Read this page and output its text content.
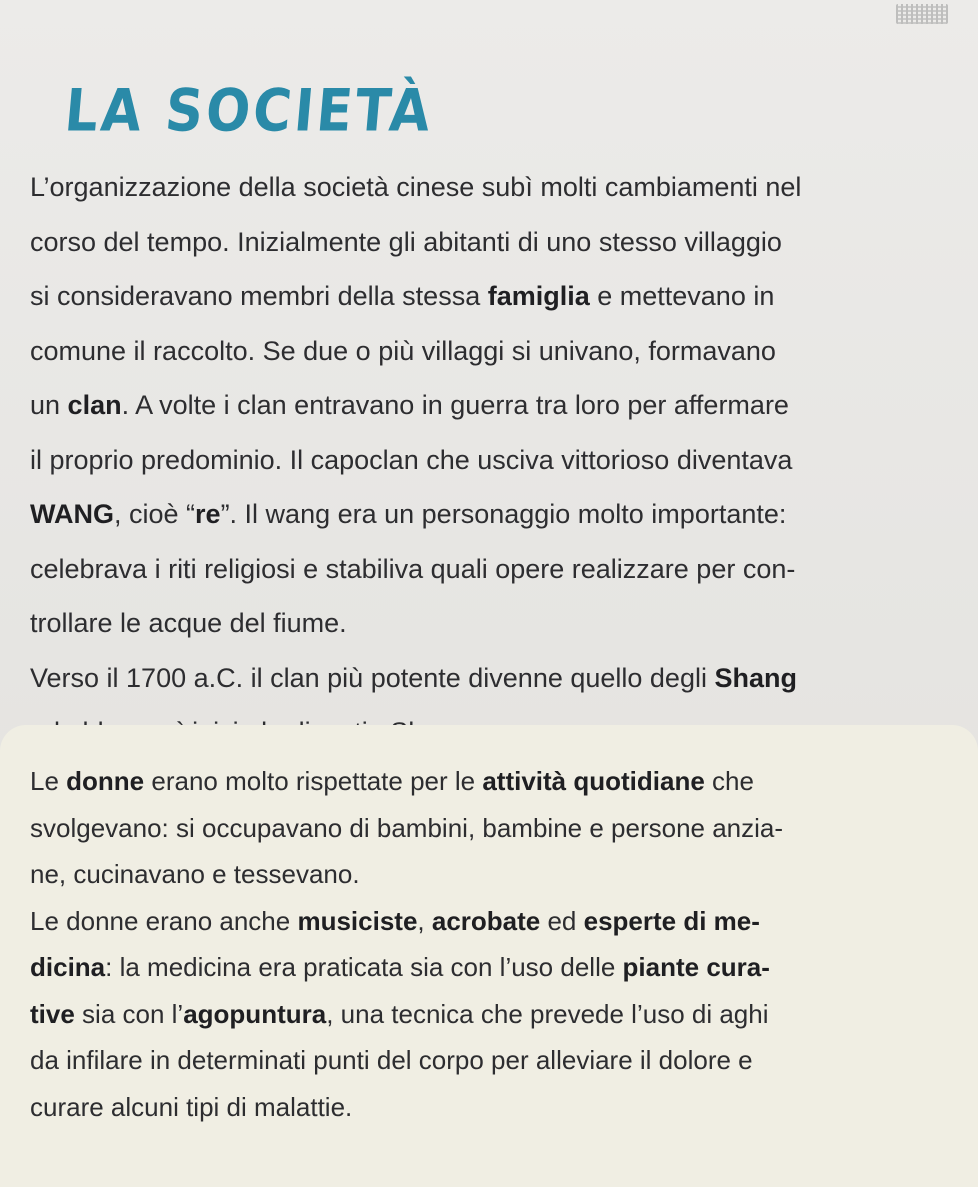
LA SOCIETÀ
L’organizzazione della società cinese subì molti cambiamenti nel
corso del tempo. Inizialmente gli abitanti di uno stesso villaggio
si consideravano membri della stessa famiglia e mettevano in
comune il raccolto. Se due o più villaggi si univano, formavano
un clan. A volte i clan entravano in guerra tra loro per affermare
il proprio predominio. Il capoclan che usciva vittorioso diventava
WANG, cioè “re”. Il wang era un personaggio molto importante:
celebrava i riti religiosi e stabiliva quali opere realizzare per con-
trollare le acque del fiume.
Verso il 1700 a.C. il clan più potente divenne quello degli Shang
Le donne erano molto rispettate per le attività quotidiane che
svolgevano: si occupavano di bambini, bambine e persone anzia-
ne, cucinavano e tessevano.
Le donne erano anche musiciste, acrobate ed esperte di me-
dicina: la medicina era praticata sia con l’uso delle piante cura-
tive sia con l’agopuntura, una tecnica che prevede l’uso di aghi
da infilare in determinati punti del corpo per alleviare il dolore e
curare alcuni tipi di malattie.
